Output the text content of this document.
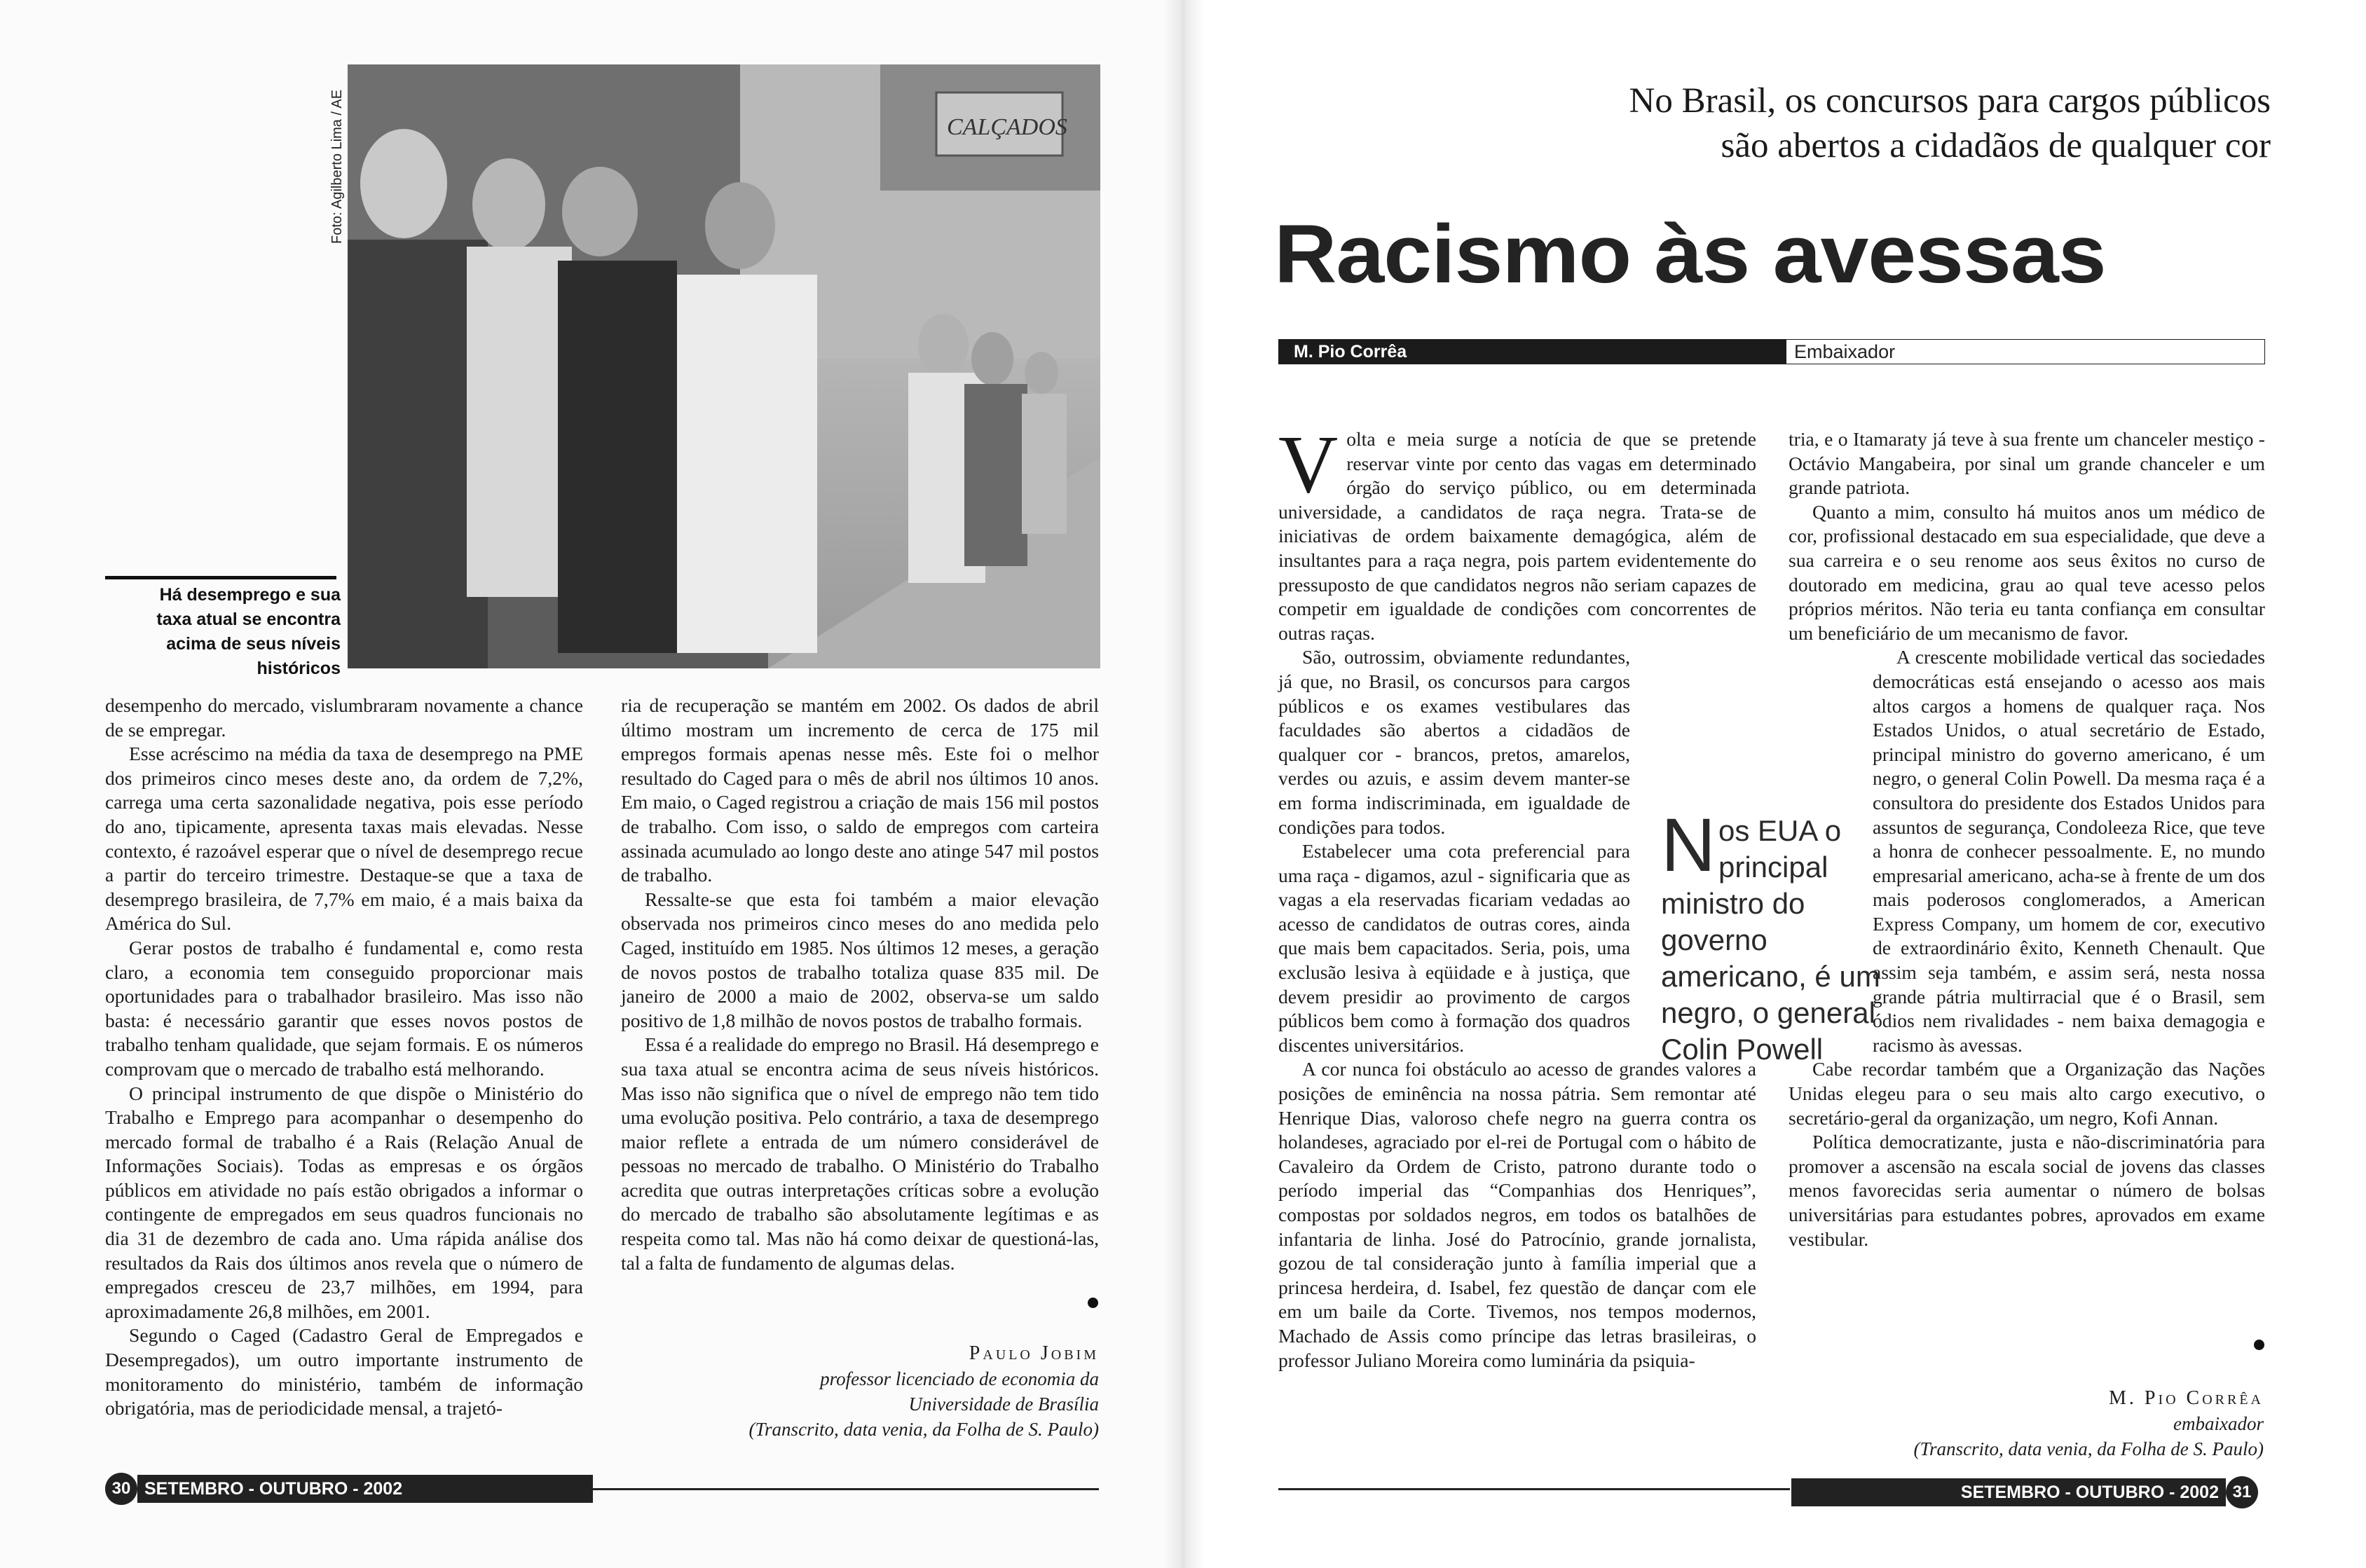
CALÇADOS
Foto: Agilberto Lima / AE
Há desemprego e sua
taxa atual se encontra
acima de seus níveis
históricos

desempenho do mercado, vislumbraram novamente a chance de se empregar.

Esse acréscimo na média da taxa de desemprego na PME dos primeiros cinco meses deste ano, da ordem de 7,2%, carrega uma certa sazonalidade negativa, pois esse período do ano, tipicamente, apresenta taxas mais elevadas. Nesse contexto, é razoável esperar que o nível de desemprego recue a partir do terceiro trimestre. Destaque-se que a taxa de desemprego brasileira, de 7,7% em maio, é a mais baixa da América do Sul.

Gerar postos de trabalho é fundamental e, como resta claro, a economia tem conseguido proporcionar mais oportunidades para o trabalhador brasileiro. Mas isso não basta: é necessário garantir que esses novos postos de trabalho tenham qualidade, que sejam formais. E os números comprovam que o mercado de trabalho está melhorando.

O principal instrumento de que dispõe o Ministério do Trabalho e Emprego para acompanhar o desempenho do mercado formal de trabalho é a Rais (Relação Anual de Informações Sociais). Todas as empresas e os órgãos públicos em atividade no país estão obrigados a informar o contingente de empregados em seus quadros funcionais no dia 31 de dezembro de cada ano. Uma rápida análise dos resultados da Rais dos últimos anos revela que o número de empregados cresceu de 23,7 milhões, em 1994, para aproximadamente 26,8 milhões, em 2001.

Segundo o Caged (Cadastro Geral de Empregados e Desempregados), um outro importante instrumento de monitoramento do ministério, também de informação obrigatória, mas de periodicidade mensal, a trajetó-

ria de recuperação se mantém em 2002. Os dados de abril último mostram um incremento de cerca de 175 mil empregos formais apenas nesse mês. Este foi o melhor resultado do Caged para o mês de abril nos últimos 10 anos. Em maio, o Caged registrou a criação de mais 156 mil postos de trabalho. Com isso, o saldo de empregos com carteira assinada acumulado ao longo deste ano atinge 547 mil postos de trabalho.

Ressalte-se que esta foi também a maior elevação observada nos primeiros cinco meses do ano medida pelo Caged, instituído em 1985. Nos últimos 12 meses, a geração de novos postos de trabalho totaliza quase 835 mil. De janeiro de 2000 a maio de 2002, observa-se um saldo positivo de 1,8 milhão de novos postos de trabalho formais.

Essa é a realidade do emprego no Brasil. Há desemprego e sua taxa atual se encontra acima de seus níveis históricos. Mas isso não significa que o nível de emprego não tem tido uma evolução positiva. Pelo contrário, a taxa de desemprego maior reflete a entrada de um número considerável de pessoas no mercado de trabalho. O Ministério do Trabalho acredita que outras interpretações críticas sobre a evolução do mercado de trabalho são absolutamente legítimas e as respeita como tal. Mas não há como deixar de questioná-las, tal a falta de fundamento de algumas delas.

Paulo Jobim
professor licenciado de economia da
Universidade de Brasília
(Transcrito, data venia, da Folha de S. Paulo)
30 SETEMBRO - OUTUBRO - 2002
No Brasil, os concursos para cargos públicos
são abertos a cidadãos de qualquer cor
Racismo às avessas
M. Pio Corrêa	Embaixador
V olta e meia surge a notícia de que se pretende reservar vinte por cento das vagas em determinado órgão do serviço público, ou em determinada universidade, a candidatos de raça negra. Trata-se de iniciativas de ordem baixamente demagógica, além de insultantes para a raça negra, pois partem evidentemente do pressuposto de que candidatos negros não seriam capazes de competir em igualdade de condições com concorrentes de outras raças.

São, outrossim, obviamente redundantes, já que, no Brasil, os concursos para cargos públicos e os exames vestibulares das faculdades são abertos a cidadãos de qualquer cor - brancos, pretos, amarelos, verdes ou azuis, e assim devem manter-se em forma indiscriminada, em igualdade de condições para todos.

Estabelecer uma cota preferencial para uma raça - digamos, azul - significaria que as vagas a ela reservadas ficariam vedadas ao acesso de candidatos de outras cores, ainda que mais bem capacitados. Seria, pois, uma exclusão lesiva à eqüidade e à justiça, que devem presidir ao provimento de cargos públicos bem como à formação dos quadros discentes universitários.

A cor nunca foi obstáculo ao acesso de grandes valores a posições de eminência na nossa pátria. Sem remontar até Henrique Dias, valoroso chefe negro na guerra contra os holandeses, agraciado por el-rei de Portugal com o hábito de Cavaleiro da Ordem de Cristo, patrono durante todo o período imperial das “Companhias dos Henriques”, compostas por soldados negros, em todos os batalhões de infantaria de linha. José do Patrocínio, grande jornalista, gozou de tal consideração junto à família imperial que a princesa herdeira, d. Isabel, fez questão de dançar com ele em um baile da Corte. Tivemos, nos tempos modernos, Machado de Assis como príncipe das letras brasileiras, o professor Juliano Moreira como luminária da psiquia-

Nos EUA o principal ministro do governo americano, é um negro, o general Colin Powell

tria, e o Itamaraty já teve à sua frente um chanceler mestiço - Octávio Mangabeira, por sinal um grande chanceler e um grande patriota.

Quanto a mim, consulto há muitos anos um médico de cor, profissional destacado em sua especialidade, que deve a sua carreira e o seu renome aos seus êxitos no curso de doutorado em medicina, grau ao qual teve acesso pelos próprios méritos. Não teria eu tanta confiança em consultar um beneficiário de um mecanismo de favor.

A crescente mobilidade vertical das sociedades democráticas está ensejando o acesso aos mais altos cargos a homens de qualquer raça. Nos Estados Unidos, o atual secretário de Estado, principal ministro do governo americano, é um negro, o general Colin Powell. Da mesma raça é a consultora do presidente dos Estados Unidos para assuntos de segurança, Condoleeza Rice, que teve a honra de conhecer pessoalmente. E, no mundo empresarial americano, acha-se à frente de um dos mais poderosos conglomerados, a American Express Company, um homem de cor, executivo de extraordinário êxito, Kenneth Chenault. Que assim seja também, e assim será, nesta nossa grande pátria multirracial que é o Brasil, sem ódios nem rivalidades - nem baixa demagogia e racismo às avessas.

Cabe recordar também que a Organização das Nações Unidas elegeu para o seu mais alto cargo executivo, o secretário-geral da organização, um negro, Kofi Annan.

Política democratizante, justa e não-discriminatória para promover a ascensão na escala social de jovens das classes menos favorecidas seria aumentar o número de bolsas universitárias para estudantes pobres, aprovados em exame vestibular.

M. Pio Corrêa
embaixador
(Transcrito, data venia, da Folha de S. Paulo)
SETEMBRO - OUTUBRO - 2002 31
